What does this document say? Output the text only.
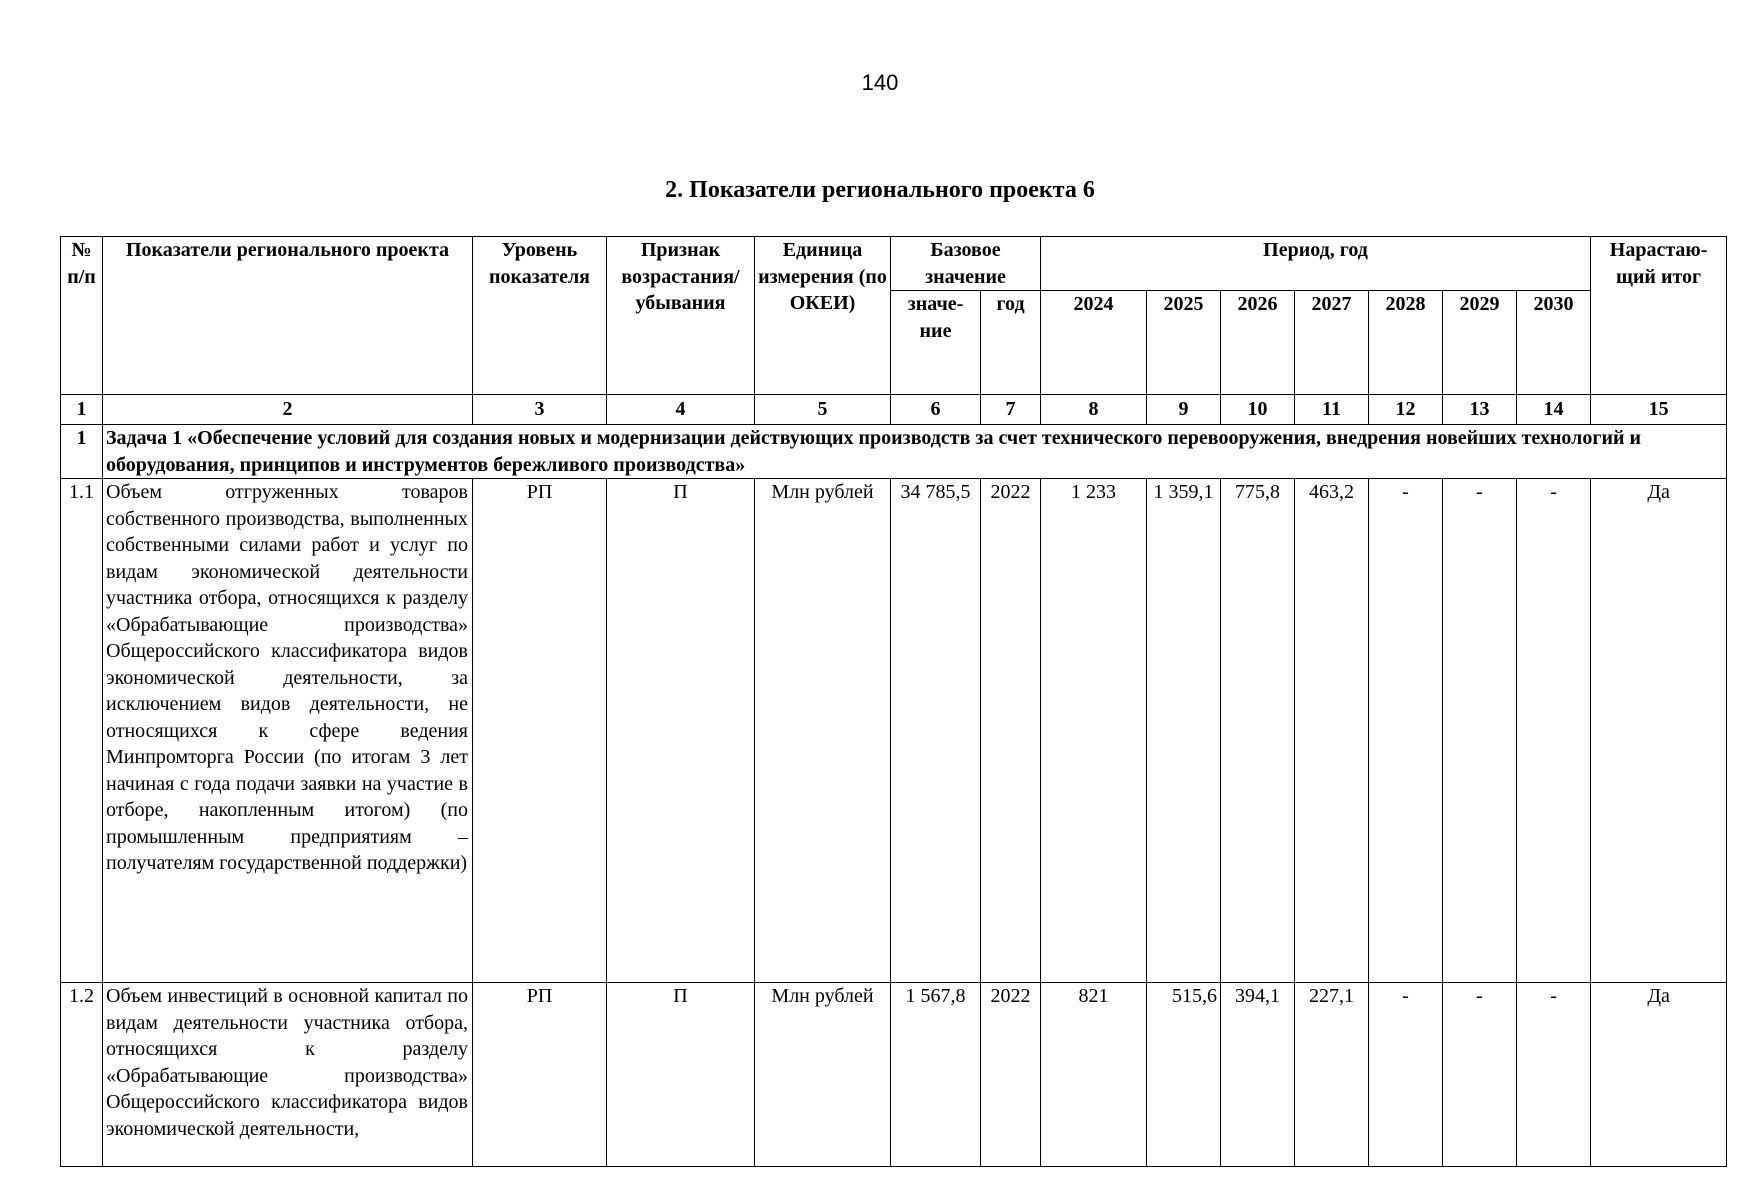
140
2. Показатели регионального проекта 6
№ п/п	Показатели регионального проекта	Уровень показателя	Признак возрастания/ убывания	Единица измерения (по ОКЕИ)	Базовое значение		Период, год							Нарастаю-щий итог
					значе-ние	год	2024	2025	2026	2027	2028	2029	2030	
1	2	3	4	5	6	7	8	9	10	11	12	13	14	15
1	Задача 1 «Обеспечение условий для создания новых и модернизации действующих производств за счет технического перевооружения, внедрения новейших технологий и оборудования, принципов и инструментов бережливого производства»													
1.1	Объем отгруженных товаров собственного производства, выполненных собственными силами работ и услуг по видам экономической деятельности участника отбора, относящихся к разделу «Обрабатывающие производства» Общероссийского классификатора видов экономической деятельности, за исключением видов деятельности, не относящихся к сфере ведения Минпромторга России (по итогам 3 лет начиная с года подачи заявки на участие в отборе, накопленным итогом) (по промышленным предприятиям – получателям государственной поддержки)	РП	П	Млн рублей	34 785,5	2022	1 233	1 359,1	775,8	463,2	-	-	-	Да
1.2	Объем инвестиций в основной капитал по видам деятельности участника отбора, относящихся к разделу «Обрабатывающие производства» Общероссийского классификатора видов экономической деятельности,	РП	П	Млн рублей	1 567,8	2022	821	515,6	394,1	227,1	-	-	-	Да
